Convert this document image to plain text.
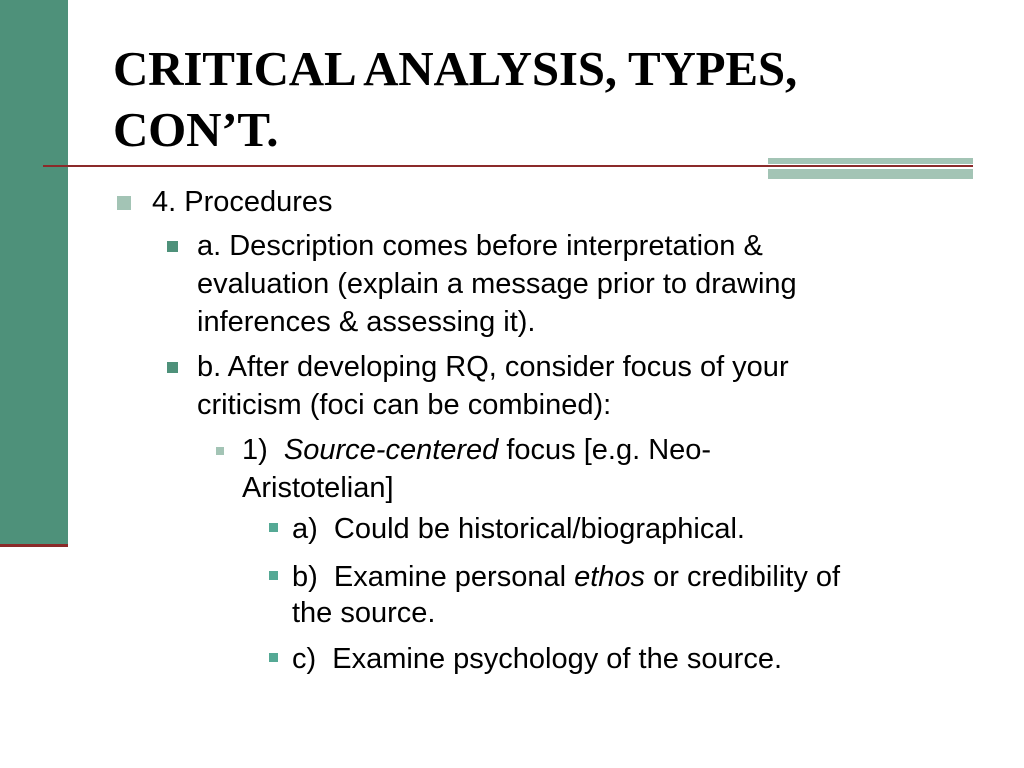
CRITICAL ANALYSIS, TYPES,
CON’T.
4. Procedures
a. Description comes before interpretation &
evaluation (explain a message prior to drawing
inferences & assessing it).
b. After developing RQ, consider focus of your
criticism (foci can be combined):
1)  Source-centered focus [e.g. Neo-
Aristotelian]
a)  Could be historical/biographical.
b)  Examine personal ethos or credibility of
the source.
c)  Examine psychology of the source.
